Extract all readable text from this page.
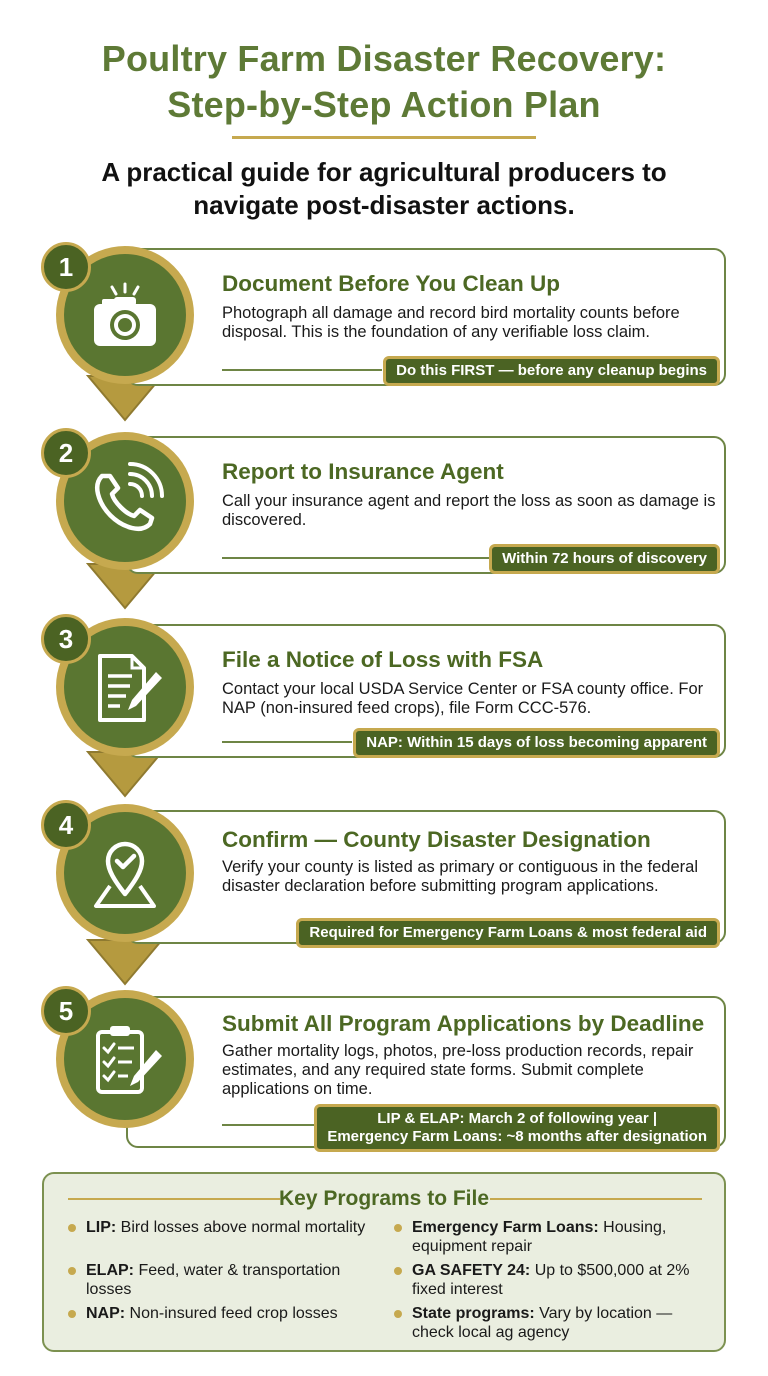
Poultry Farm Disaster Recovery:
Step-by-Step Action Plan
A practical guide for agricultural producers to
navigate post-disaster actions.
Document Before You Clean Up
Photograph all damage and record bird mortality counts before disposal. This is the foundation of any verifiable loss claim.
Do this FIRST — before any cleanup begins
1
Report to Insurance Agent
Call your insurance agent and report the loss as soon as damage is discovered.
Within 72 hours of discovery
2
File a Notice of Loss with FSA
Contact your local USDA Service Center or FSA county office. For NAP (non-insured feed crops), file Form CCC-576.
NAP: Within 15 days of loss becoming apparent
3
Confirm — County Disaster Designation
Verify your county is listed as primary or contiguous in the federal disaster declaration before submitting program applications.
Required for Emergency Farm Loans & most federal aid
4
Submit All Program Applications by Deadline
Gather mortality logs, photos, pre-loss production records, repair estimates, and any required state forms. Submit complete applications on time.
LIP & ELAP: March 2 of following year |
Emergency Farm Loans: ~8 months after designation
5
Key Programs to File
LIP: Bird losses above normal mortality
ELAP: Feed, water & transportation losses
NAP: Non-insured feed crop losses
Emergency Farm Loans: Housing, equipment repair
GA SAFETY 24: Up to $500,000 at 2% fixed interest
State programs: Vary by location — check local ag agency
